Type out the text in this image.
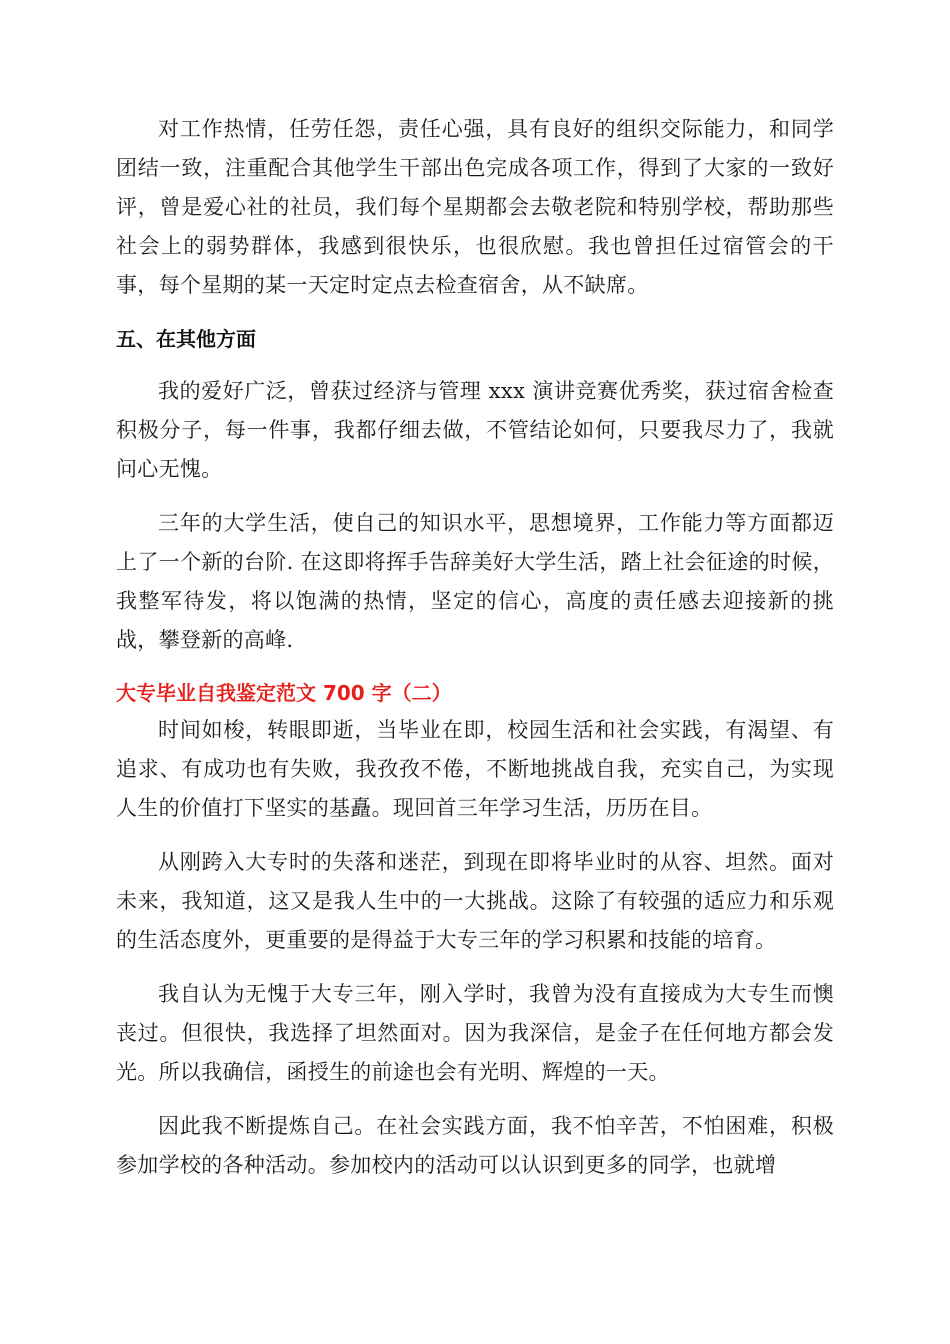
对工作热情，任劳任怨，责任心强，具有良好的组织交际能力，和同学团结一致，注重配合其他学生干部出色完成各项工作，得到了大家的一致好评，曾是爱心社的社员，我们每个星期都会去敬老院和特别学校，帮助那些社会上的弱势群体，我感到很快乐，也很欣慰。我也曾担任过宿管会的干事，每个星期的某一天定时定点去检查宿舍，从不缺席。

五、在其他方面

我的爱好广泛，曾获过经济与管理 xxx 演讲竞赛优秀奖，获过宿舍检查积极分子，每一件事，我都仔细去做，不管结论如何，只要我尽力了，我就问心无愧。

三年的大学生活，使自己的知识水平，思想境界，工作能力等方面都迈上了一个新的台阶. 在这即将挥手告辞美好大学生活，踏上社会征途的时候，我整军待发，将以饱满的热情，坚定的信心，高度的责任感去迎接新的挑战，攀登新的高峰.

大专毕业自我鉴定范文 700 字（二）

时间如梭，转眼即逝，当毕业在即，校园生活和社会实践，有渴望、有追求、有成功也有失败，我孜孜不倦，不断地挑战自我，充实自己，为实现人生的价值打下坚实的基矗。现回首三年学习生活，历历在目。

从刚跨入大专时的失落和迷茫，到现在即将毕业时的从容、坦然。面对未来，我知道，这又是我人生中的一大挑战。这除了有较强的适应力和乐观的生活态度外，更重要的是得益于大专三年的学习积累和技能的培育。

我自认为无愧于大专三年，刚入学时，我曾为没有直接成为大专生而懊丧过。但很快，我选择了坦然面对。因为我深信，是金子在任何地方都会发光。所以我确信，函授生的前途也会有光明、辉煌的一天。

因此我不断提炼自己。在社会实践方面，我不怕辛苦，不怕困难，积极参加学校的各种活动。参加校内的活动可以认识到更多的同学，也就增
